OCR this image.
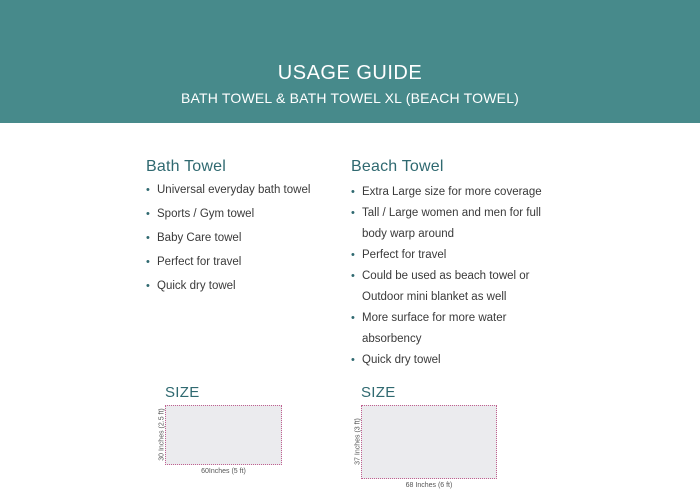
USAGE GUIDE
BATH TOWEL & BATH TOWEL XL (BEACH TOWEL)
Bath Towel
• Universal everyday bath towel
• Sports / Gym towel
• Baby Care towel
• Perfect for travel
• Quick dry towel
Beach Towel
• Extra Large size for more coverage
• Tall / Large women and men for full body warp around
• Perfect for travel
• Could be used as beach towel or Outdoor mini blanket as well
• More surface for more water absorbency
• Quick dry towel
SIZE
30 Inches (2.5 ft)
60Inches (5 ft)
SIZE
37 Inches (3 ft)
68 Inches (6 ft)
